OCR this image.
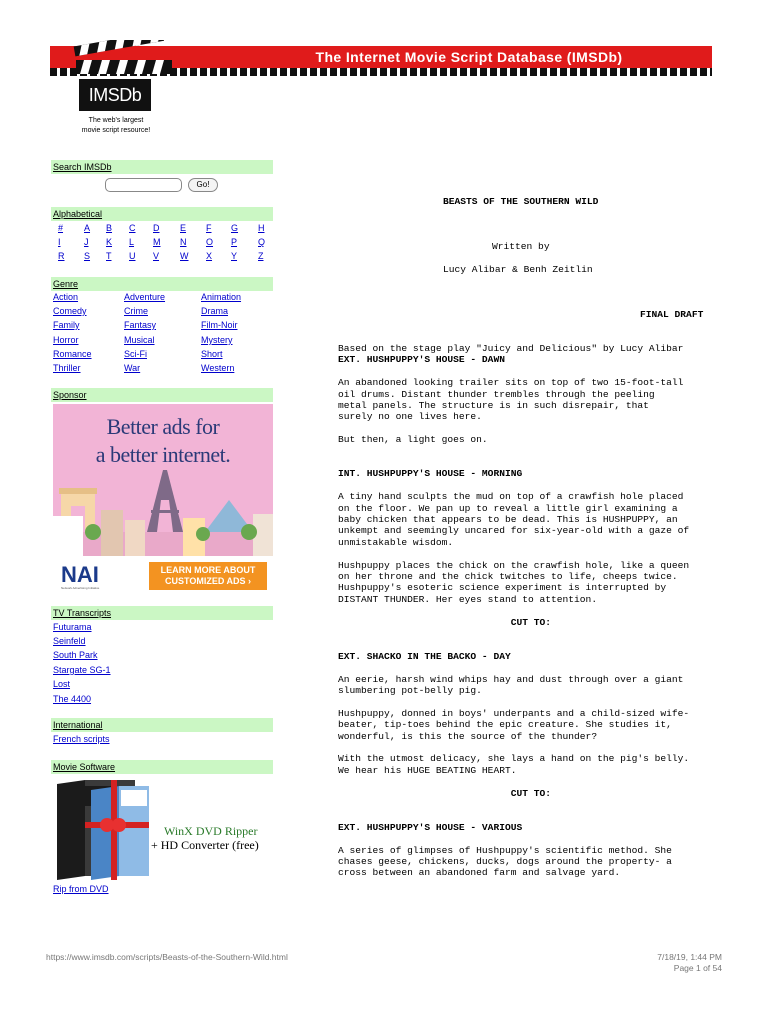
The Internet Movie Script Database (IMSDb)
IMSDb
The web's largest
movie script resource!
Search IMSDb
Go!
Alphabetical
# A B C D E F G H
I	J K L M N O P Q
R S T U V W X Y Z
Genre
Action	Adventure	Animation
Comedy	Crime	Drama
Family	Fantasy	Film-Noir
Horror	Musical	Mystery
Romance	Sci-Fi	Short
Thriller	War	Western
Sponsor
Better ads for
a better internet.
NAI
Network Advertising Initiative
LEARN MORE ABOUT
CUSTOMIZED ADS ›
TV Transcripts
Futurama
Seinfeld
South Park
Stargate SG-1
Lost
The 4400
International
French scripts
Movie Software
WinX DVD Ripper
+ HD Converter (free)
Rip from DVD
BEASTS OF THE SOUTHERN WILD
Written by
Lucy Alibar & Benh Zeitlin
FINAL DRAFT
Based on the stage play "Juicy and Delicious" by Lucy Alibar
EXT. HUSHPUPPY'S HOUSE - DAWN
An abandoned looking trailer sits on top of two 15-foot-tall
oil drums. Distant thunder trembles through the peeling
metal panels. The structure is in such disrepair, that
surely no one lives here.
But then, a light goes on.
INT. HUSHPUPPY'S HOUSE - MORNING
A tiny hand sculpts the mud on top of a crawfish hole placed
on the floor. We pan up to reveal a little girl examining a
baby chicken that appears to be dead. This is HUSHPUPPY, an
unkempt and seemingly uncared for six-year-old with a gaze of
unmistakable wisdom.
Hushpuppy places the chick on the crawfish hole, like a queen
on her throne and the chick twitches to life, cheeps twice.
Hushpuppy's esoteric science experiment is interrupted by
DISTANT THUNDER. Her eyes stand to attention.
CUT TO:
EXT. SHACKO IN THE BACKO - DAY
An eerie, harsh wind whips hay and dust through over a giant
slumbering pot-belly pig.
Hushpuppy, donned in boys' underpants and a child-sized wife-
beater, tip-toes behind the epic creature. She studies it,
wonderful, is this the source of the thunder?
With the utmost delicacy, she lays a hand on the pig's belly.
We hear his HUGE BEATING HEART.
CUT TO:
EXT. HUSHPUPPY'S HOUSE - VARIOUS
A series of glimpses of Hushpuppy's scientific method. She
chases geese, chickens, ducks, dogs around the property- a
cross between an abandoned farm and salvage yard.
https://www.imsdb.com/scripts/Beasts-of-the-Southern-Wild.html	7/18/19, 1:44 PM
Page 1 of 54
